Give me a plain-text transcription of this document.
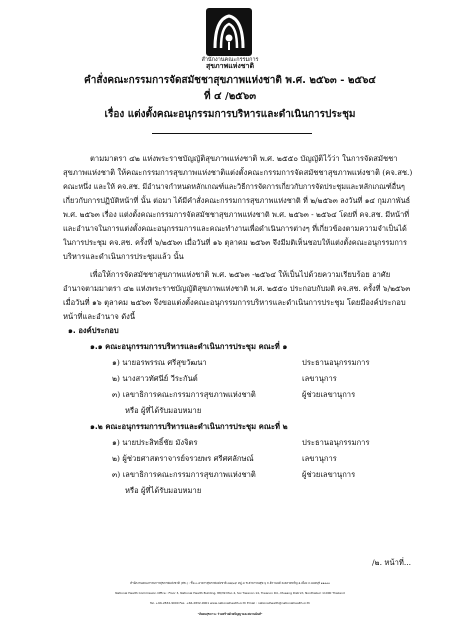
สำนักงานคณะกรรมการ
สุขภาพแห่งชาติ
คำสั่งคณะกรรมการจัดสมัชชาสุขภาพแห่งชาติ พ.ศ. ๒๕๖๓ - ๒๕๖๔
ที่ ๔ /๒๕๖๓
เรื่อง แต่งตั้งคณะอนุกรรมการบริหารและดำเนินการประชุม
ตามมาตรา ๔๒ แห่งพระราชบัญญัติสุขภาพแห่งชาติ พ.ศ. ๒๕๕๐ บัญญัติไว้ว่า ในการจัดสมัชชา
สุขภาพแห่งชาติ ให้คณะกรรมการสุขภาพแห่งชาติแต่งตั้งคณะกรรมการจัดสมัชชาสุขภาพแห่งชาติ (คจ.สช.)
คณะหนึ่ง และให้ คจ.สช. มีอำนาจกำหนดหลักเกณฑ์และวิธีการจัดการเกี่ยวกับการจัดประชุมและหลักเกณฑ์อื่นๆ
เกี่ยวกับการปฏิบัติหน้าที่ นั้น ต่อมา ได้มีคำสั่งคณะกรรมการสุขภาพแห่งชาติ ที่ ๒/๒๕๖๓ ลงวันที่ ๑๔ กุมภาพันธ์
พ.ศ. ๒๕๖๓ เรื่อง แต่งตั้งคณะกรรมการจัดสมัชชาสุขภาพแห่งชาติ พ.ศ. ๒๕๖๓ - ๒๕๖๔ โดยที่ คจ.สช. มีหน้าที่
และอำนาจในการแต่งตั้งคณะอนุกรรมการและคณะทำงานเพื่อดำเนินการต่างๆ ที่เกี่ยวข้องตามความจำเป็นได้
ในการประชุม คจ.สช. ครั้งที่ ๖/๒๕๖๓ เมื่อวันที่ ๑๖ ตุลาคม ๒๕๖๓ จึงมีมติเห็นชอบให้แต่งตั้งคณะอนุกรรมการ
บริหารและดำเนินการประชุมแล้ว นั้น
เพื่อให้การจัดสมัชชาสุขภาพแห่งชาติ พ.ศ. ๒๕๖๓ -๒๕๖๔ ให้เป็นไปด้วยความเรียบร้อย อาศัย
อำนาจตามมาตรา ๔๒ แห่งพระราชบัญญัติสุขภาพแห่งชาติ พ.ศ. ๒๕๕๐ ประกอบกับมติ คจ.สช. ครั้งที่ ๖/๒๕๖๓
เมื่อวันที่ ๑๖ ตุลาคม ๒๕๖๓ จึงขอแต่งตั้งคณะอนุกรรมการบริหารและดำเนินการประชุม โดยมีองค์ประกอบ
หน้าที่และอำนาจ ดังนี้
๑. องค์ประกอบ
๑.๑ คณะอนุกรรมการบริหารและดำเนินการประชุม คณะที่ ๑
๑) นายอรพรรณ ศรีสุขวัฒนา	ประธานอนุกรรมการ
๒) นางสาวทัศนีย์ วีระกันต์	เลขานุการ
๓) เลขาธิการคณะกรรมการสุขภาพแห่งชาติ	ผู้ช่วยเลขานุการ
หรือ ผู้ที่ได้รับมอบหมาย
๑.๒ คณะอนุกรรมการบริหารและดำเนินการประชุม คณะที่ ๒
๑) นายประสิทธิ์ชัย มังจิตร	ประธานอนุกรรมการ
๒) ผู้ช่วยศาสตราจารย์จรวยพร ศรีศศลักษณ์	เลขานุการ
๓) เลขาธิการคณะกรรมการสุขภาพแห่งชาติ	ผู้ช่วยเลขานุการ
หรือ ผู้ที่ได้รับมอบหมาย
/๒. หน้าที่...
สำนักงานคณะกรรมการสุขภาพแห่งชาติ (สช.) : ชั้น ๓ อาคารสุขภาพแห่งชาติ ๘๘/๓๙ หมู่ ๔ ซ.สาธารณสุข ๖ ถ.ติวานนท์ ต.ตลาดขวัญ อ.เมือง จ.นนทบุรี ๑๑๐๐๐
National Health Commission Office : Floor 3, National Health Building, 88/39 Moo 4, Soi Tiwanon 14, Tiwanon Rd., Mueang District, Nonthaburi 11000 Thailand
Tel. +66-2832-9000 Fax. +66-2832-9001 www.nationalhealth.or.th Email : nationalhealth@nationalhealth.or.th
"สังคมสุขภาวะ ร่วมสร้างด้วยปัญญาและสมานฉันท์"
